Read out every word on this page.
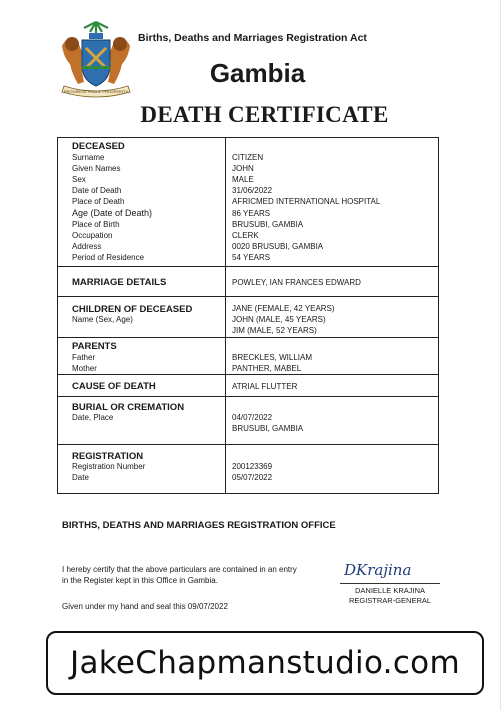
PROGRESS PEACE PROSPERITY
Births, Deaths and Marriages Registration Act
Gambia
DEATH CERTIFICATE
DECEASED
Surname	CITIZEN
Given Names	JOHN
Sex	MALE
Date of Death	31/06/2022
Place of Death	AFRICMED INTERNATIONAL HOSPITAL
Age (Date of Death)	86 YEARS
Place of Birth	BRUSUBI, GAMBIA
Occupation	CLERK
Address	0020 BRUSUBI, GAMBIA
Period of Residence	54 YEARS
MARRIAGE DETAILS	POWLEY, IAN FRANCES EDWARD
CHILDREN OF DECEASED
Name (Sex, Age)
JANE (FEMALE, 42 YEARS)
JOHN (MALE, 45 YEARS)
JIM (MALE, 52 YEARS)
PARENTS
Father	BRECKLES, WILLIAM
Mother	PANTHER, MABEL
CAUSE OF DEATH	ATRIAL FLUTTER
BURIAL OR CREMATION
Date, Place	04/07/2022
BRUSUBI, GAMBIA
REGISTRATION
Registration Number	200123369
Date	05/07/2022
BIRTHS, DEATHS AND MARRIAGES REGISTRATION OFFICE
I hereby certify that the above particulars are contained in an entry
in the Register kept in this Office in Gambia.
DKrajina
DANIELLE KRAJINA
REGISTRAR-GENERAL
Given under my hand and seal this 09/07/2022
JakeChapmanstudio.com
